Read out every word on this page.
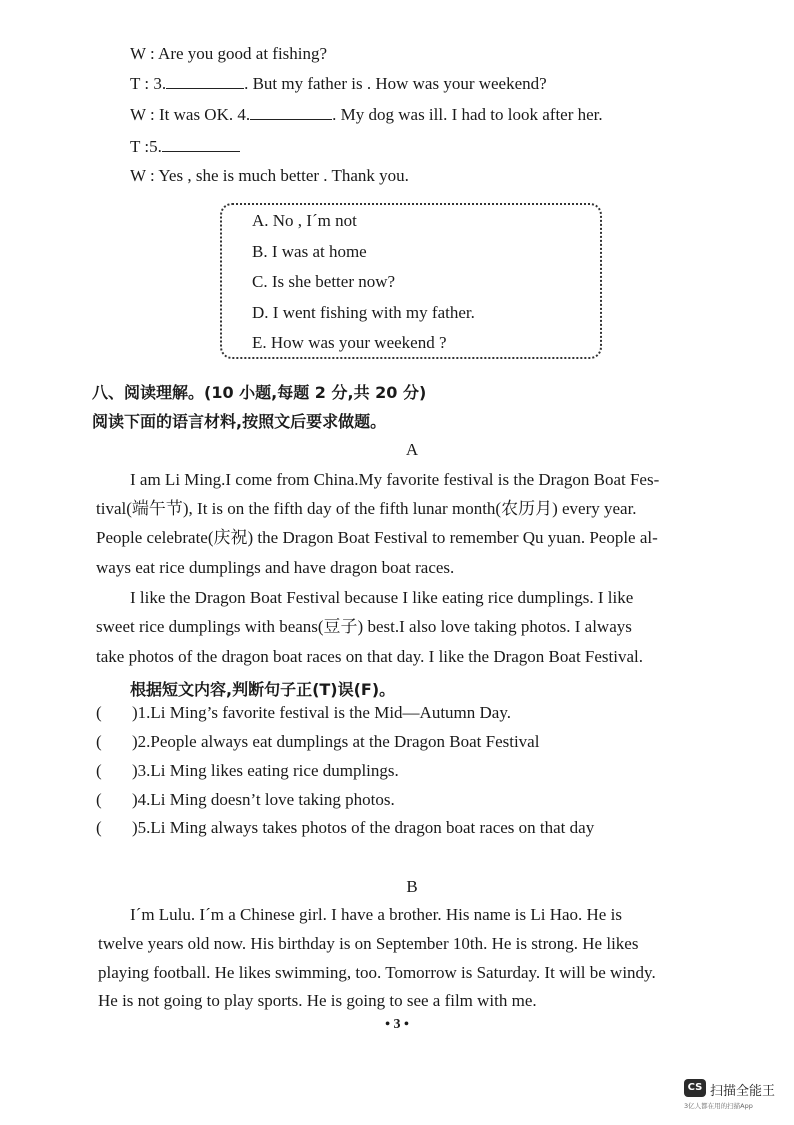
W : Are you good at fishing?
T : 3.	. But my father is . How was your weekend?
W : It was OK. 4.	. My dog was ill. I had to look after her.
T :5.
W : Yes , she is much better . Thank you.
A. No , I´m not
B. I was at home
C. Is she better now?
D. I went fishing with my father.
E. How was your weekend ?
八、阅读理解。(10 小题,每题 2 分,共 20 分)
阅读下面的语言材料,按照文后要求做题。
A
I am Li Ming.I come from China.My favorite festival is the Dragon Boat Fes-
tival(端午节), It is on the fifth day of the fifth lunar month(农历月) every year.
People celebrate(庆祝) the Dragon Boat Festival to remember Qu yuan. People al-
ways eat rice dumplings and have dragon boat races.
I like the Dragon Boat Festival because I like eating rice dumplings. I like
sweet rice dumplings with beans(豆子) best.I also love taking photos. I always
take photos of the dragon boat races on that day. I like the Dragon Boat Festival.
根据短文内容,判断句子正(T)误(F)。
( )1.Li Ming’s favorite festival is the Mid—Autumn Day.
( )2.People always eat dumplings at the Dragon Boat Festival
( )3.Li Ming likes eating rice dumplings.
( )4.Li Ming doesn’t love taking photos.
( )5.Li Ming always takes photos of the dragon boat races on that day
B
I´m Lulu. I´m a Chinese girl. I have a brother. His name is Li Hao. He is
twelve years old now. His birthday is on September 10th. He is strong. He likes
playing football. He likes swimming, too. Tomorrow is Saturday. It will be windy.
He is not going to play sports. He is going to see a film with me.
• 3 •
CS 扫描全能王
3亿人都在用的扫描App
